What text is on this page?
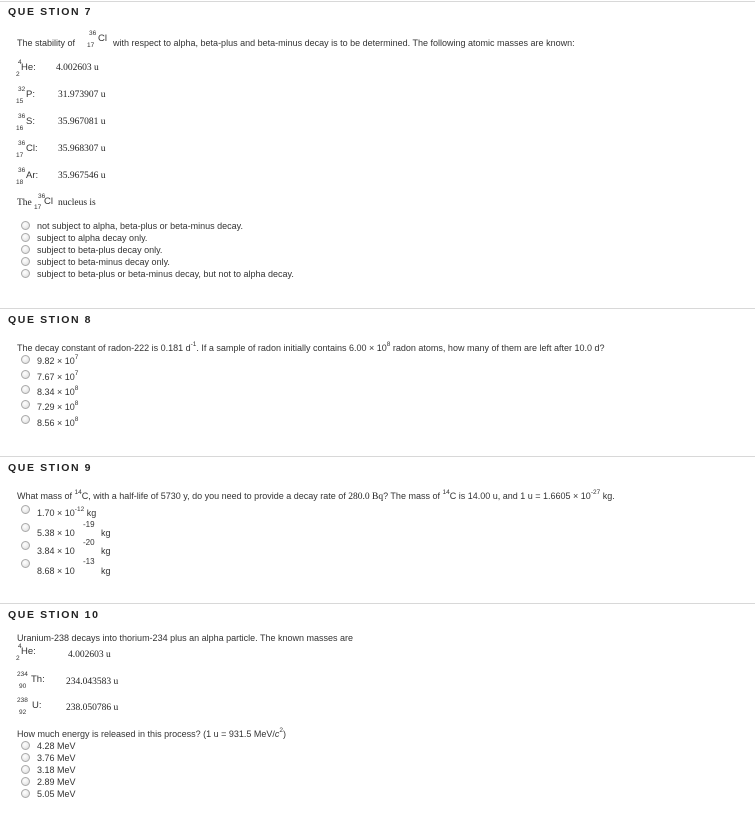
QUE STION 7
The stability of
36
17
Cl with respect to alpha, beta-plus and beta-minus decay is to be determined. The following atomic masses are known:
4
2
He: 4.002603 u
32
15
P: 31.973907 u
36
16
S: 35.967081 u
36
17
Cl: 35.968307 u
36
18
Ar: 35.967546 u
The
36
17
Cl nucleus is
not subject to alpha, beta-plus or beta-minus decay.
subject to alpha decay only.
subject to beta-plus decay only.
subject to beta-minus decay only.
subject to beta-plus or beta-minus decay, but not to alpha decay.
QUE STION 8
The decay constant of radon-222 is 0.181 $d^{-1}$. If a sample of radon initially contains $6.00 \times 10^8$ radon atoms, how many of them are left after 10.0 d?
$9.82 \times 10^7$
$7.67 \times 10^7$
$8.34 \times 10^8$
$7.29 \times 10^8$
$8.56 \times 10^8$
QUE STION 9
What mass of $^{14}$C, with a half-life of 5730 y, do you need to provide a decay rate of 280.0 Bq? The mass of $^{14}$C is 14.00 u, and 1 $u = 1.6605 \times 10^{-27}$ kg.
$1.70 \times 10^{-12}$ kg
5.38 × 10
-19
kg
3.84 × 10
-20
kg
8.68 × 10
-13
kg
QUE STION 10
Uranium-238 decays into thorium-234 plus an alpha particle. The known masses are
4
2
He:	4.002603 u
234
90
Th: 234.043583 u
238
92
U:	238.050786 u
How much energy is released in this process? (1 u = 931.5 MeV/$c^2$)
4.28 MeV
3.76 MeV
3.18 MeV
2.89 MeV
5.05 MeV
